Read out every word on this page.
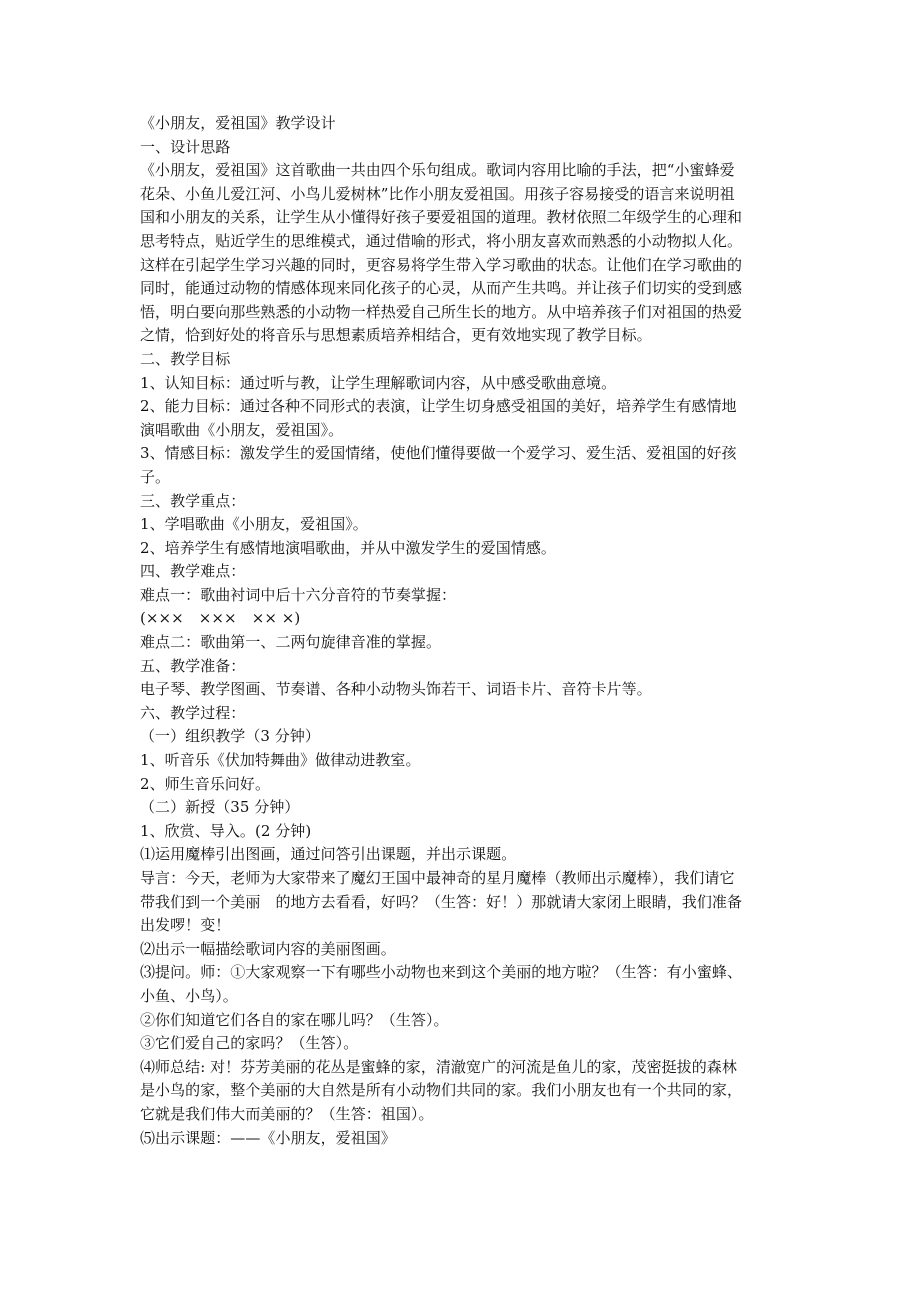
《小朋友，爱祖国》教学设计
一、设计思路
《小朋友，爱祖国》这首歌曲一共由四个乐句组成。歌词内容用比喻的手法，把“小蜜蜂爱
花朵、小鱼儿爱江河、小鸟儿爱树林”比作小朋友爱祖国。用孩子容易接受的语言来说明祖
国和小朋友的关系，让学生从小懂得好孩子要爱祖国的道理。教材依照二年级学生的心理和
思考特点，贴近学生的思维模式，通过借喻的形式，将小朋友喜欢而熟悉的小动物拟人化。
这样在引起学生学习兴趣的同时，更容易将学生带入学习歌曲的状态。让他们在学习歌曲的
同时，能通过动物的情感体现来同化孩子的心灵，从而产生共鸣。并让孩子们切实的受到感
悟，明白要向那些熟悉的小动物一样热爱自己所生长的地方。从中培养孩子们对祖国的热爱
之情，恰到好处的将音乐与思想素质培养相结合，更有效地实现了教学目标。
二、教学目标
1、认知目标：通过听与教，让学生理解歌词内容，从中感受歌曲意境。
2、能力目标：通过各种不同形式的表演，让学生切身感受祖国的美好，培养学生有感情地
演唱歌曲《小朋友，爱祖国》。
3、情感目标：激发学生的爱国情绪，使他们懂得要做一个爱学习、爱生活、爱祖国的好孩
子。
三、教学重点：
1、学唱歌曲《小朋友，爱祖国》。
2、培养学生有感情地演唱歌曲，并从中激发学生的爱国情感。
四、教学难点：
难点一：歌曲衬词中后十六分音符的节奏掌握：
(×××　×××　×× ×)
难点二：歌曲第一、二两句旋律音准的掌握。
五、教学准备：
电子琴、教学图画、节奏谱、各种小动物头饰若干、词语卡片、音符卡片等。
六、教学过程：
（一）组织教学（3 分钟）
1、听音乐《伏加特舞曲》做律动进教室。
2、师生音乐问好。
（二）新授（35 分钟）
1、欣赏、导入。(2 分钟)
⑴运用魔棒引出图画，通过问答引出课题，并出示课题。
导言：今天，老师为大家带来了魔幻王国中最神奇的星月魔棒（教师出示魔棒），我们请它
带我们到一个美丽　的地方去看看，好吗？（生答：好！）那就请大家闭上眼睛，我们准备
出发啰！变！
⑵出示一幅描绘歌词内容的美丽图画。
⑶提问。师：①大家观察一下有哪些小动物也来到这个美丽的地方啦？（生答：有小蜜蜂、
小鱼、小鸟）。
②你们知道它们各自的家在哪儿吗？（生答）。
③它们爱自己的家吗？（生答）。
⑷师总结: 对！芬芳美丽的花丛是蜜蜂的家，清澈宽广的河流是鱼儿的家，茂密挺拔的森林
是小鸟的家，整个美丽的大自然是所有小动物们共同的家。我们小朋友也有一个共同的家，
它就是我们伟大而美丽的？（生答：祖国）。
⑸出示课题：——《小朋友，爱祖国》
